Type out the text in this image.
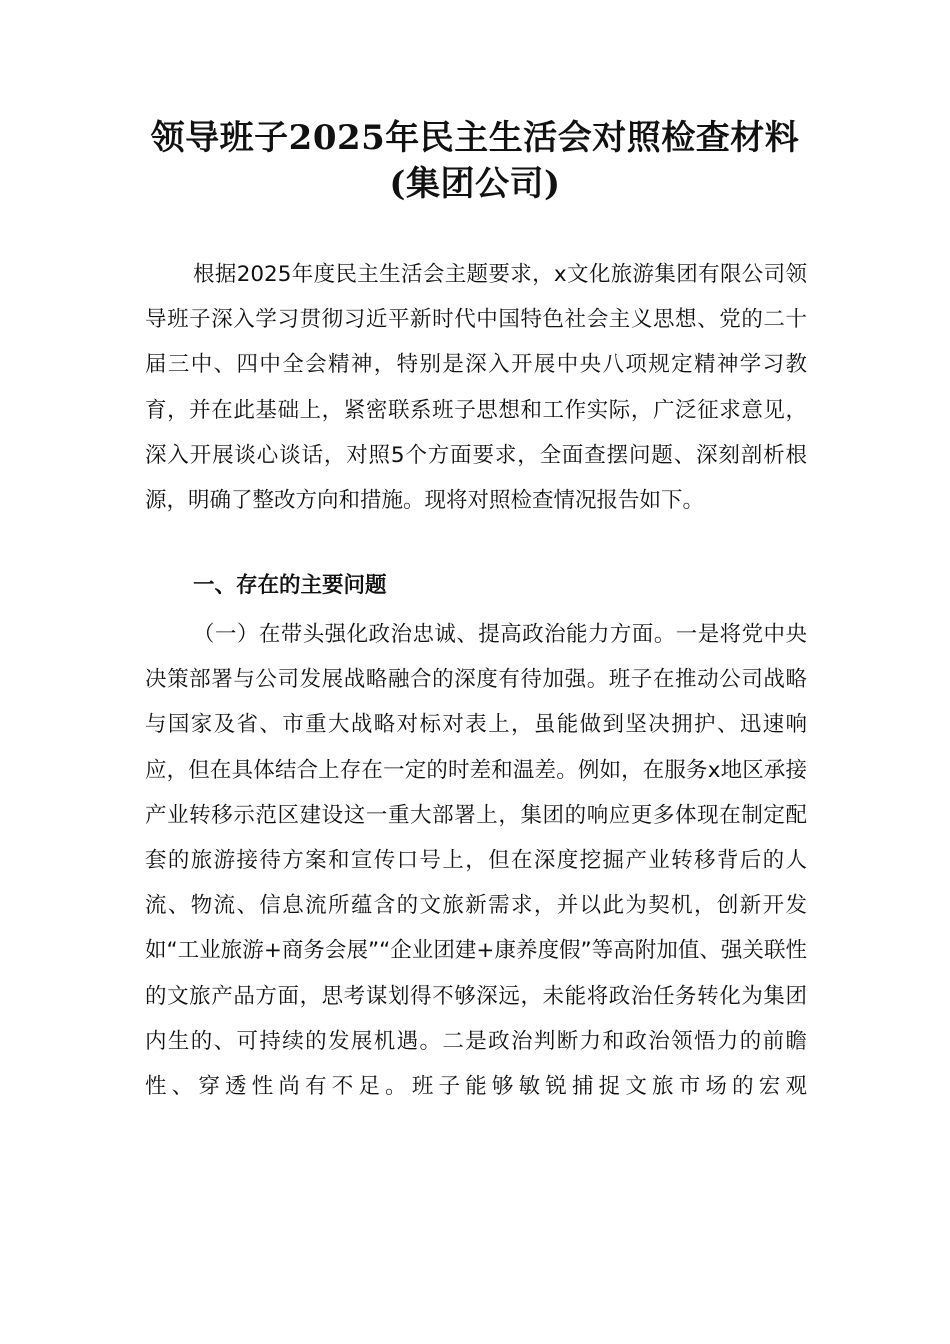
领导班子2025年民主生活会对照检查材料
(集团公司)
根据2025年度民主生活会主题要求，x文化旅游集团有限公司领导班子深入学习贯彻习近平新时代中国特色社会主义思想、党的二十届三中、四中全会精神，特别是深入开展中央八项规定精神学习教育，并在此基础上，紧密联系班子思想和工作实际，广泛征求意见，深入开展谈心谈话，对照5个方面要求，全面查摆问题、深刻剖析根源，明确了整改方向和措施。现将对照检查情况报告如下。
一、存在的主要问题
（一）在带头强化政治忠诚、提高政治能力方面。一是将党中央决策部署与公司发展战略融合的深度有待加强。班子在推动公司战略与国家及省、市重大战略对标对表上，虽能做到坚决拥护、迅速响应，但在具体结合上存在一定的时差和温差。例如，在服务x地区承接产业转移示范区建设这一重大部署上，集团的响应更多体现在制定配套的旅游接待方案和宣传口号上，但在深度挖掘产业转移背后的人流、物流、信息流所蕴含的文旅新需求，并以此为契机，创新开发如“工业旅游+商务会展”“企业团建+康养度假”等高附加值、强关联性的文旅产品方面，思考谋划得不够深远，未能将政治任务转化为集团内生的、可持续的发展机遇。二是政治判断力和政治领悟力的前瞻性、穿透性尚有不足。班子能够敏锐捕捉文旅市场的宏观
